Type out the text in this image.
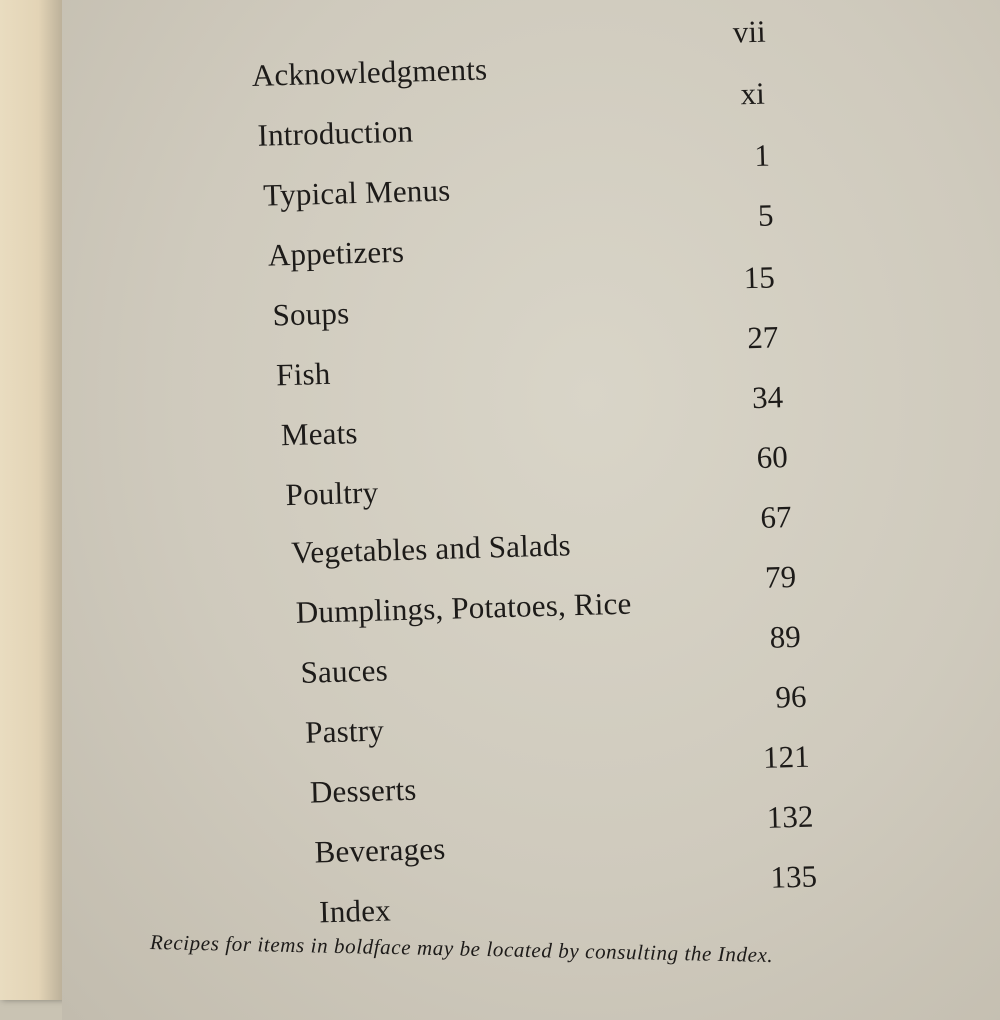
Acknowledgments
vii
Introduction
xi
Typical Menus
1
Appetizers
5
Soups
15
Fish
27
Meats
34
Poultry
60
Vegetables and Salads
67
Dumplings, Potatoes, Rice
79
Sauces
89
Pastry
96
Desserts
121
Beverages
132
Index
135
Recipes for items in boldface may be located by consulting the Index.
